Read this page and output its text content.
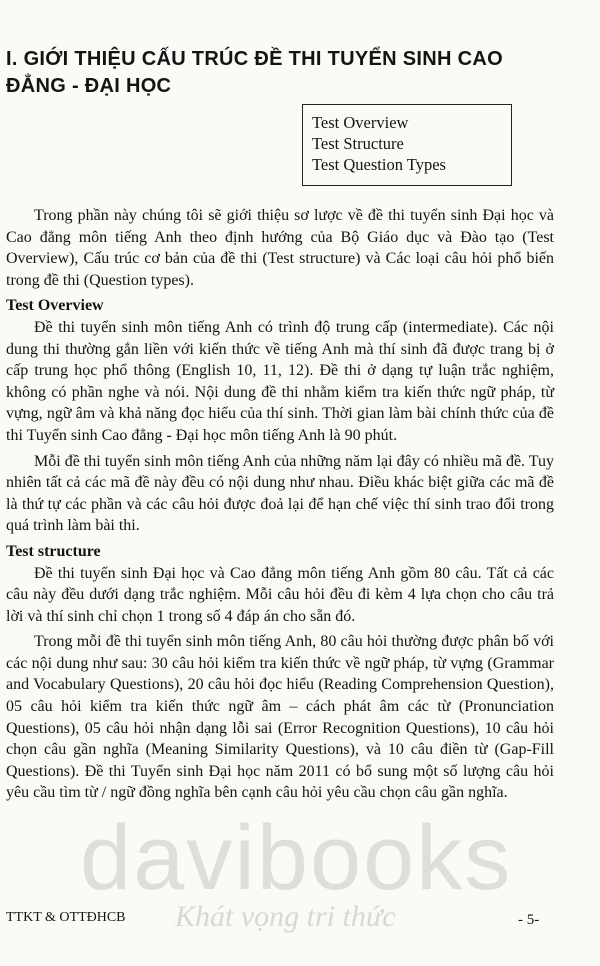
I. GIỚI THIỆU CẤU TRÚC ĐỀ THI TUYỂN SINH CAO ĐẲNG - ĐẠI HỌC
Test Overview
Test Structure
Test Question Types

Trong phần này chúng tôi sẽ giới thiệu sơ lược về đề thi tuyển sinh Đại học và Cao đẳng môn tiếng Anh theo định hướng của Bộ Giáo dục và Đào tạo (Test Overview), Cấu trúc cơ bản của đề thi (Test structure) và Các loại câu hỏi phổ biến trong đề thi (Question types).

Test Overview

Đề thi tuyển sinh môn tiếng Anh có trình độ trung cấp (intermediate). Các nội dung thi thường gắn liền với kiến thức về tiếng Anh mà thí sinh đã được trang bị ở cấp trung học phổ thông (English 10, 11, 12). Đề thi ở dạng tự luận trắc nghiệm, không có phần nghe và nói. Nội dung đề thi nhằm kiểm tra kiến thức ngữ pháp, từ vựng, ngữ âm và khả năng đọc hiểu của thí sinh. Thời gian làm bài chính thức của đề thi Tuyển sinh Cao đẳng - Đại học môn tiếng Anh là 90 phút.

Mỗi đề thi tuyển sinh môn tiếng Anh của những năm lại đây có nhiều mã đề. Tuy nhiên tất cả các mã đề này đều có nội dung như nhau. Điều khác biệt giữa các mã đề là thứ tự các phần và các câu hỏi được đoả lại để hạn chế việc thí sinh trao đổi trong quá trình làm bài thi.

Test structure

Đề thi tuyển sinh Đại học và Cao đẳng môn tiếng Anh gồm 80 câu. Tất cả các câu này đều dưới dạng trắc nghiệm. Mỗi câu hỏi đều đi kèm 4 lựa chọn cho câu trả lời và thí sinh chỉ chọn 1 trong số 4 đáp án cho sẵn đó.

Trong mỗi đề thi tuyển sinh môn tiếng Anh, 80 câu hỏi thường được phân bố với các nội dung như sau: 30 câu hỏi kiểm tra kiến thức về ngữ pháp, từ vựng (Grammar and Vocabulary Questions), 20 câu hỏi đọc hiểu (Reading Comprehension Question), 05 câu hỏi kiểm tra kiến thức ngữ âm – cách phát âm các từ (Pronunciation Questions), 05 câu hỏi nhận dạng lỗi sai (Error Recognition Questions), 10 câu hỏi chọn câu gần nghĩa (Meaning Similarity Questions), và 10 câu điền từ (Gap-Fill Questions). Đề thi Tuyển sinh Đại học năm 2011 có bổ sung một số lượng câu hỏi yêu cầu tìm từ / ngữ đồng nghĩa bên cạnh câu hỏi yêu cầu chọn câu gần nghĩa.

davibooks
Khát vọng tri thức
TTKT & OTTĐHCB	- 5-
